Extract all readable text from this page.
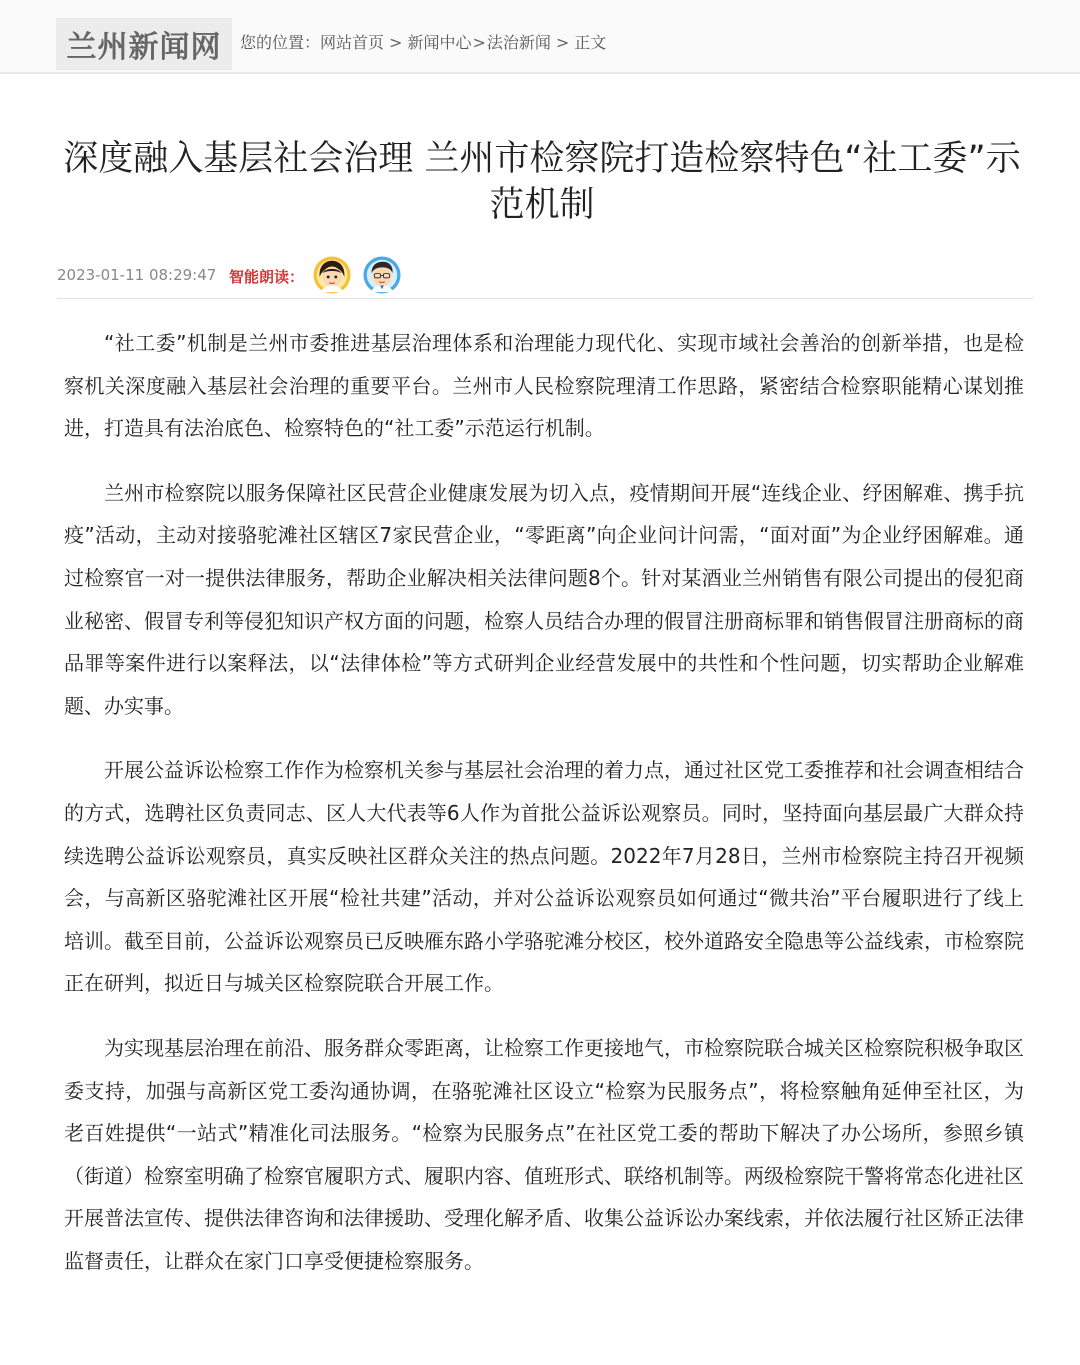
兰州新闻网 您的位置：网站首页 > 新闻中心>法治新闻 > 正文
深度融入基层社会治理 兰州市检察院打造检察特色“社工委”示范机制
2023-01-11 08:29:47 智能朗读：

“社工委”机制是兰州市委推进基层治理体系和治理能力现代化、实现市域社会善治的创新举措，也是检察机关深度融入基层社会治理的重要平台。兰州市人民检察院理清工作思路，紧密结合检察职能精心谋划推进，打造具有法治底色、检察特色的“社工委”示范运行机制。

兰州市检察院以服务保障社区民营企业健康发展为切入点，疫情期间开展“连线企业、纾困解难、携手抗疫”活动，主动对接骆驼滩社区辖区7家民营企业，“零距离”向企业问计问需，“面对面”为企业纾困解难。通过检察官一对一提供法律服务，帮助企业解决相关法律问题8个。针对某酒业兰州销售有限公司提出的侵犯商业秘密、假冒专利等侵犯知识产权方面的问题，检察人员结合办理的假冒注册商标罪和销售假冒注册商标的商品罪等案件进行以案释法，以“法律体检”等方式研判企业经营发展中的共性和个性问题，切实帮助企业解难题、办实事。

开展公益诉讼检察工作作为检察机关参与基层社会治理的着力点，通过社区党工委推荐和社会调查相结合的方式，选聘社区负责同志、区人大代表等6人作为首批公益诉讼观察员。同时，坚持面向基层最广大群众持续选聘公益诉讼观察员，真实反映社区群众关注的热点问题。2022年7月28日，兰州市检察院主持召开视频会，与高新区骆驼滩社区开展“检社共建”活动，并对公益诉讼观察员如何通过“微共治”平台履职进行了线上培训。截至目前，公益诉讼观察员已反映雁东路小学骆驼滩分校区，校外道路安全隐患等公益线索，市检察院正在研判，拟近日与城关区检察院联合开展工作。

为实现基层治理在前沿、服务群众零距离，让检察工作更接地气，市检察院联合城关区检察院积极争取区委支持，加强与高新区党工委沟通协调，在骆驼滩社区设立“检察为民服务点”，将检察触角延伸至社区，为老百姓提供“一站式”精准化司法服务。“检察为民服务点”在社区党工委的帮助下解决了办公场所，参照乡镇（街道）检察室明确了检察官履职方式、履职内容、值班形式、联络机制等。两级检察院干警将常态化进社区开展普法宣传、提供法律咨询和法律援助、受理化解矛盾、收集公益诉讼办案线索，并依法履行社区矫正法律监督责任，让群众在家门口享受便捷检察服务。
